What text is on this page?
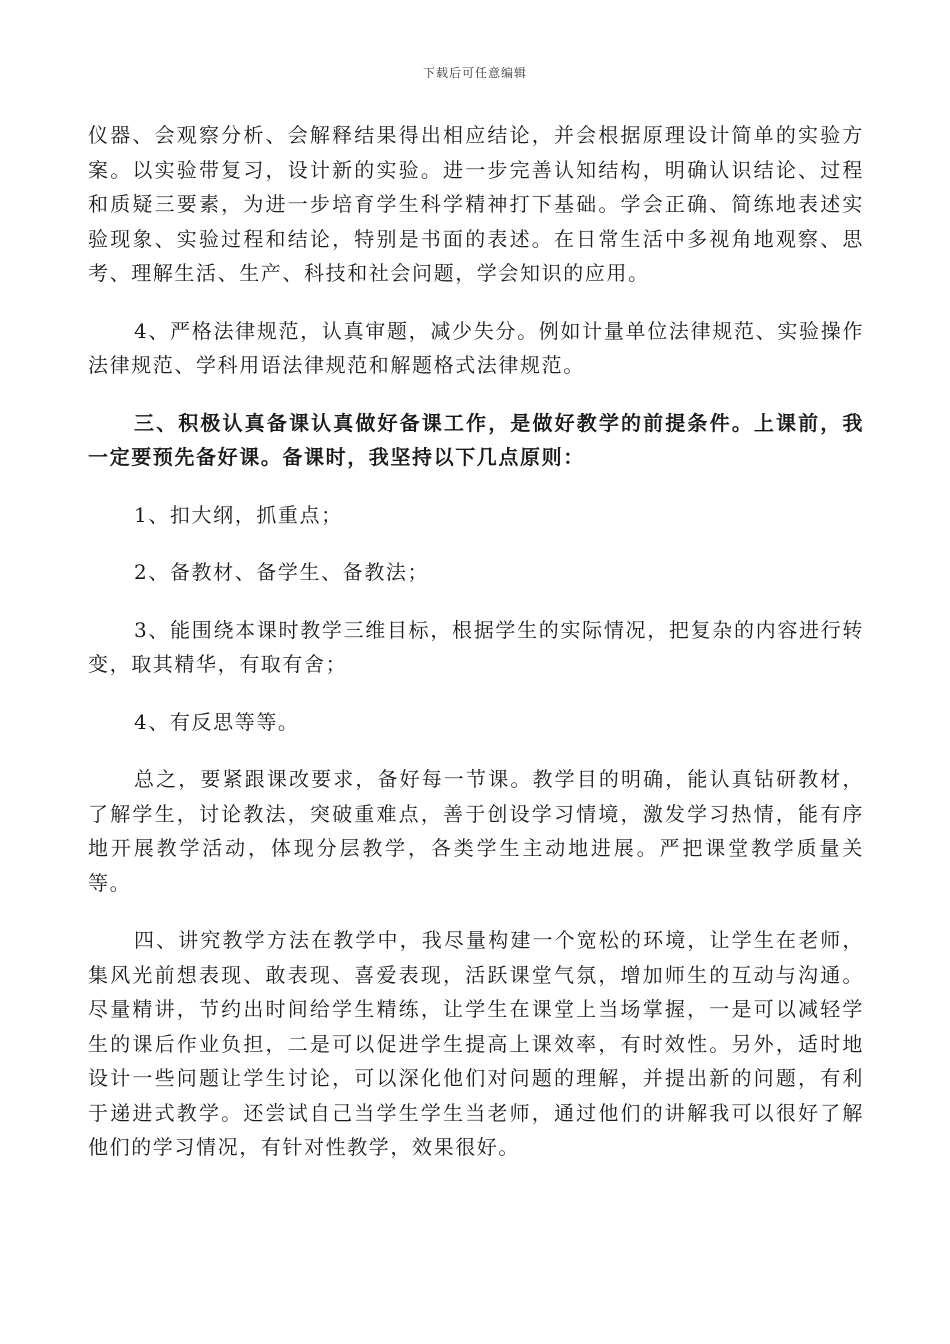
下载后可任意编辑

仪器、会观察分析、会解释结果得出相应结论，并会根据原理设计简单的实验方案。以实验带复习，设计新的实验。进一步完善认知结构，明确认识结论、过程和质疑三要素，为进一步培育学生科学精神打下基础。学会正确、简练地表述实验现象、实验过程和结论，特别是书面的表述。在日常生活中多视角地观察、思考、理解生活、生产、科技和社会问题，学会知识的应用。

4、严格法律规范，认真审题，减少失分。例如计量单位法律规范、实验操作法律规范、学科用语法律规范和解题格式法律规范。

三、积极认真备课认真做好备课工作，是做好教学的前提条件。上课前，我一定要预先备好课。备课时，我坚持以下几点原则：

1、扣大纲，抓重点；

2、备教材、备学生、备教法；

3、能围绕本课时教学三维目标，根据学生的实际情况，把复杂的内容进行转变，取其精华，有取有舍；

4、有反思等等。

总之，要紧跟课改要求，备好每一节课。教学目的明确，能认真钻研教材，了解学生，讨论教法，突破重难点，善于创设学习情境，激发学习热情，能有序地开展教学活动，体现分层教学，各类学生主动地进展。严把课堂教学质量关等。

四、讲究教学方法在教学中，我尽量构建一个宽松的环境，让学生在老师，集风光前想表现、敢表现、喜爱表现，活跃课堂气氛，增加师生的互动与沟通。尽量精讲，节约出时间给学生精练，让学生在课堂上当场掌握，一是可以减轻学生的课后作业负担，二是可以促进学生提高上课效率，有时效性。另外，适时地设计一些问题让学生讨论，可以深化他们对问题的理解，并提出新的问题，有利于递进式教学。还尝试自己当学生学生当老师，通过他们的讲解我可以很好了解他们的学习情况，有针对性教学，效果很好。
